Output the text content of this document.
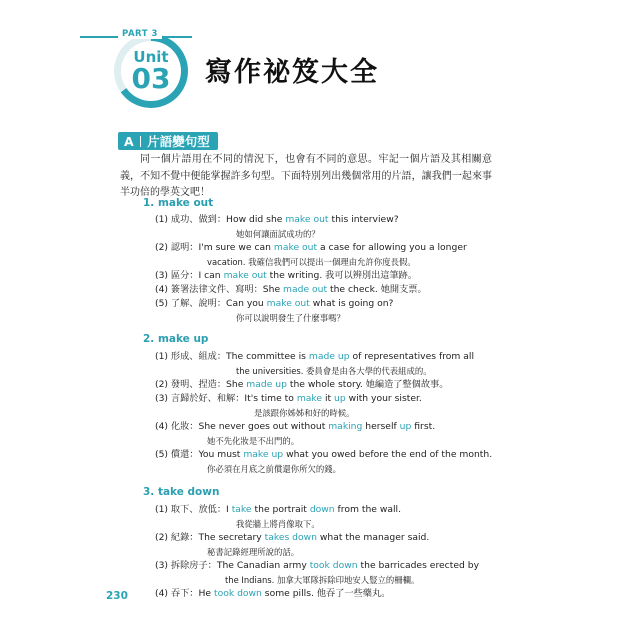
Unit
03
PART 3
寫作祕笈大全
A 片語變句型
同一個片語用在不同的情況下，也會有不同的意思。牢記一個片語及其相關意義，不知不覺中便能掌握許多句型。下面特別列出幾個常用的片語，讓我們一起來事半功倍的學英文吧！
1. make out
(1) 成功、做到：How did she make out this interview?
她如何讓面試成功的？
(2) 認明：I'm sure we can make out a case for allowing you a longer
vacation. 我確信我們可以提出一個理由允許你度長假。
(3) 區分：I can make out the writing. 我可以辨別出這筆跡。
(4) 簽署法律文件、寫明：She made out the check. 她開支票。
(5) 了解、說明：Can you make out what is going on?
你可以說明發生了什麼事嗎？
2. make up
(1) 形成、組成：The committee is made up of representatives from all
the universities. 委員會是由各大學的代表組成的。
(2) 發明、捏造：She made up the whole story. 她編造了整個故事。
(3) 言歸於好、和解：It's time to make it up with your sister.
是該跟你姊姊和好的時候。
(4) 化妝：She never goes out without making herself up first.
她不先化妝是不出門的。
(5) 償還：You must make up what you owed before the end of the month.
你必須在月底之前償還你所欠的錢。
3. take down
(1) 取下、放低：I take the portrait down from the wall.
我從牆上將肖像取下。
(2) 紀錄：The secretary takes down what the manager said.
秘書記錄經理所說的話。
(3) 拆除房子：The Canadian army took down the barricades erected by
the Indians. 加拿大軍隊拆除印地安人豎立的柵欄。
(4) 吞下：He took down some pills. 他吞了一些藥丸。
230
